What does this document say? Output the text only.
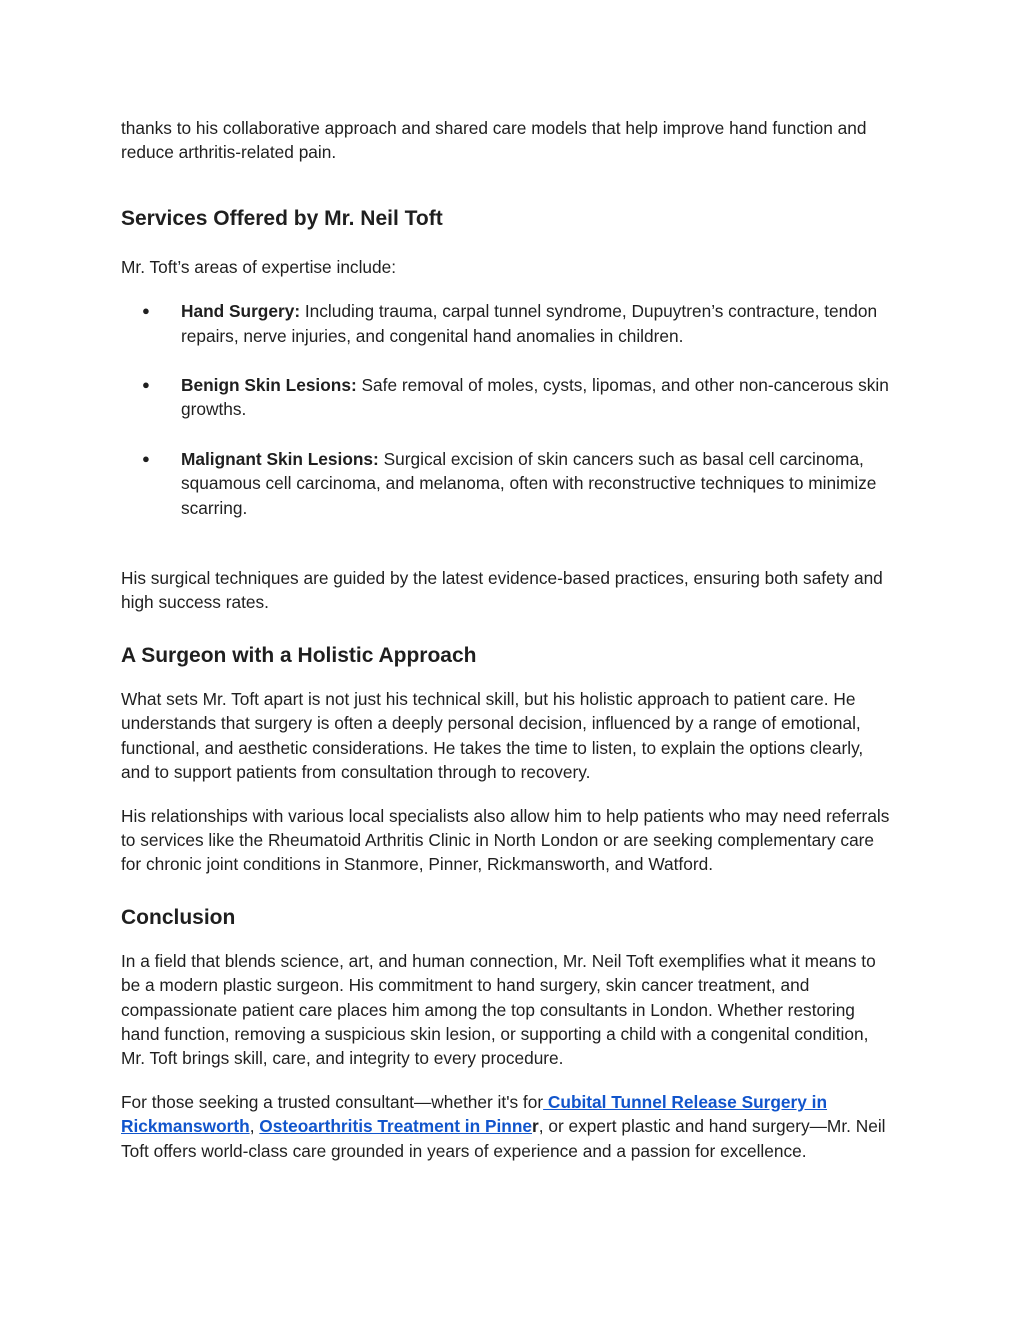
thanks to his collaborative approach and shared care models that help improve hand function and reduce arthritis-related pain.

Services Offered by Mr. Neil Toft

Mr. Toft’s areas of expertise include:

● Hand Surgery: Including trauma, carpal tunnel syndrome, Dupuytren’s contracture, tendon repairs, nerve injuries, and congenital hand anomalies in children.
● Benign Skin Lesions: Safe removal of moles, cysts, lipomas, and other non-cancerous skin growths.
● Malignant Skin Lesions: Surgical excision of skin cancers such as basal cell carcinoma, squamous cell carcinoma, and melanoma, often with reconstructive techniques to minimize scarring.

His surgical techniques are guided by the latest evidence-based practices, ensuring both safety and high success rates.

A Surgeon with a Holistic Approach

What sets Mr. Toft apart is not just his technical skill, but his holistic approach to patient care. He understands that surgery is often a deeply personal decision, influenced by a range of emotional, functional, and aesthetic considerations. He takes the time to listen, to explain the options clearly, and to support patients from consultation through to recovery.

His relationships with various local specialists also allow him to help patients who may need referrals to services like the Rheumatoid Arthritis Clinic in North London or are seeking complementary care for chronic joint conditions in Stanmore, Pinner, Rickmansworth, and Watford.

Conclusion

In a field that blends science, art, and human connection, Mr. Neil Toft exemplifies what it means to be a modern plastic surgeon. His commitment to hand surgery, skin cancer treatment, and compassionate patient care places him among the top consultants in London. Whether restoring hand function, removing a suspicious skin lesion, or supporting a child with a congenital condition, Mr. Toft brings skill, care, and integrity to every procedure.

For those seeking a trusted consultant—whether it's for Cubital Tunnel Release Surgery in Rickmansworth, Osteoarthritis Treatment in Pinner, or expert plastic and hand surgery—Mr. Neil Toft offers world-class care grounded in years of experience and a passion for excellence.
